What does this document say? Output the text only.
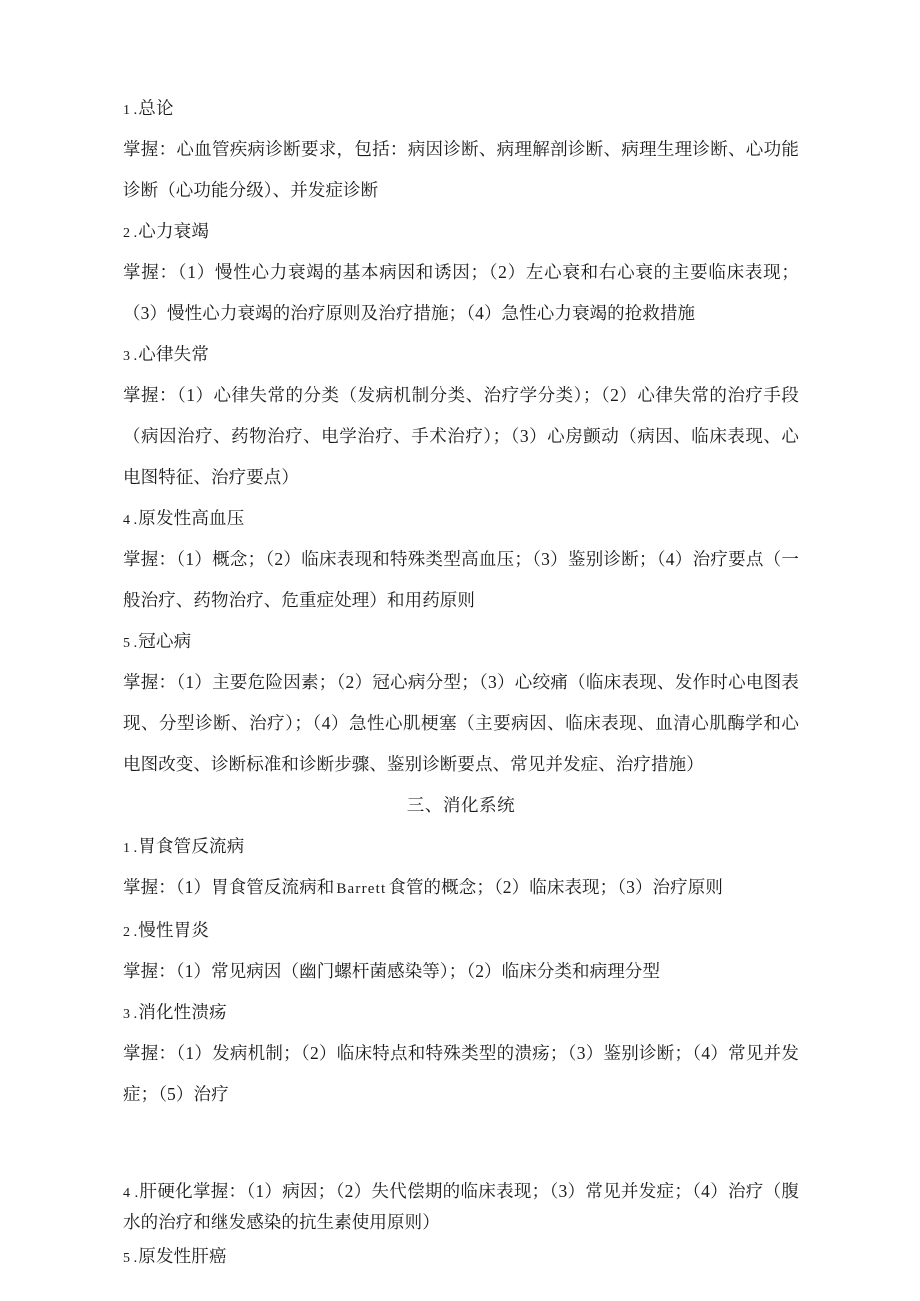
1 .总论

掌握：心血管疾病诊断要求，包括：病因诊断、病理解剖诊断、病理生理诊断、心功能诊断（心功能分级）、并发症诊断

2 .心力衰竭

掌握：（1）慢性心力衰竭的基本病因和诱因；（2）左心衰和右心衰的主要临床表现；（3）慢性心力衰竭的治疗原则及治疗措施；（4）急性心力衰竭的抢救措施

3 .心律失常

掌握：（1）心律失常的分类（发病机制分类、治疗学分类）；（2）心律失常的治疗手段（病因治疗、药物治疗、电学治疗、手术治疗）；（3）心房颤动（病因、临床表现、心电图特征、治疗要点）

4 .原发性高血压

掌握：（1）概念；（2）临床表现和特殊类型高血压；（3）鉴别诊断；（4）治疗要点（一般治疗、药物治疗、危重症处理）和用药原则

5 .冠心病

掌握：（1）主要危险因素；（2）冠心病分型；（3）心绞痛（临床表现、发作时心电图表现、分型诊断、治疗）；（4）急性心肌梗塞（主要病因、临床表现、血清心肌酶学和心电图改变、诊断标准和诊断步骤、鉴别诊断要点、常见并发症、治疗措施）

三、消化系统

1 .胃食管反流病

掌握：（1）胃食管反流病和 Barrett 食管的概念；（2）临床表现；（3）治疗原则

2 .慢性胃炎

掌握：（1）常见病因（幽门螺杆菌感染等）；（2）临床分类和病理分型

3 .消化性溃疡

掌握：（1）发病机制；（2）临床特点和特殊类型的溃疡；（3）鉴别诊断；（4）常见并发症；（5）治疗

4 .肝硬化掌握：（1）病因；（2）失代偿期的临床表现；（3）常见并发症；（4）治疗（腹水的治疗和继发感染的抗生素使用原则）

5 .原发性肝癌
